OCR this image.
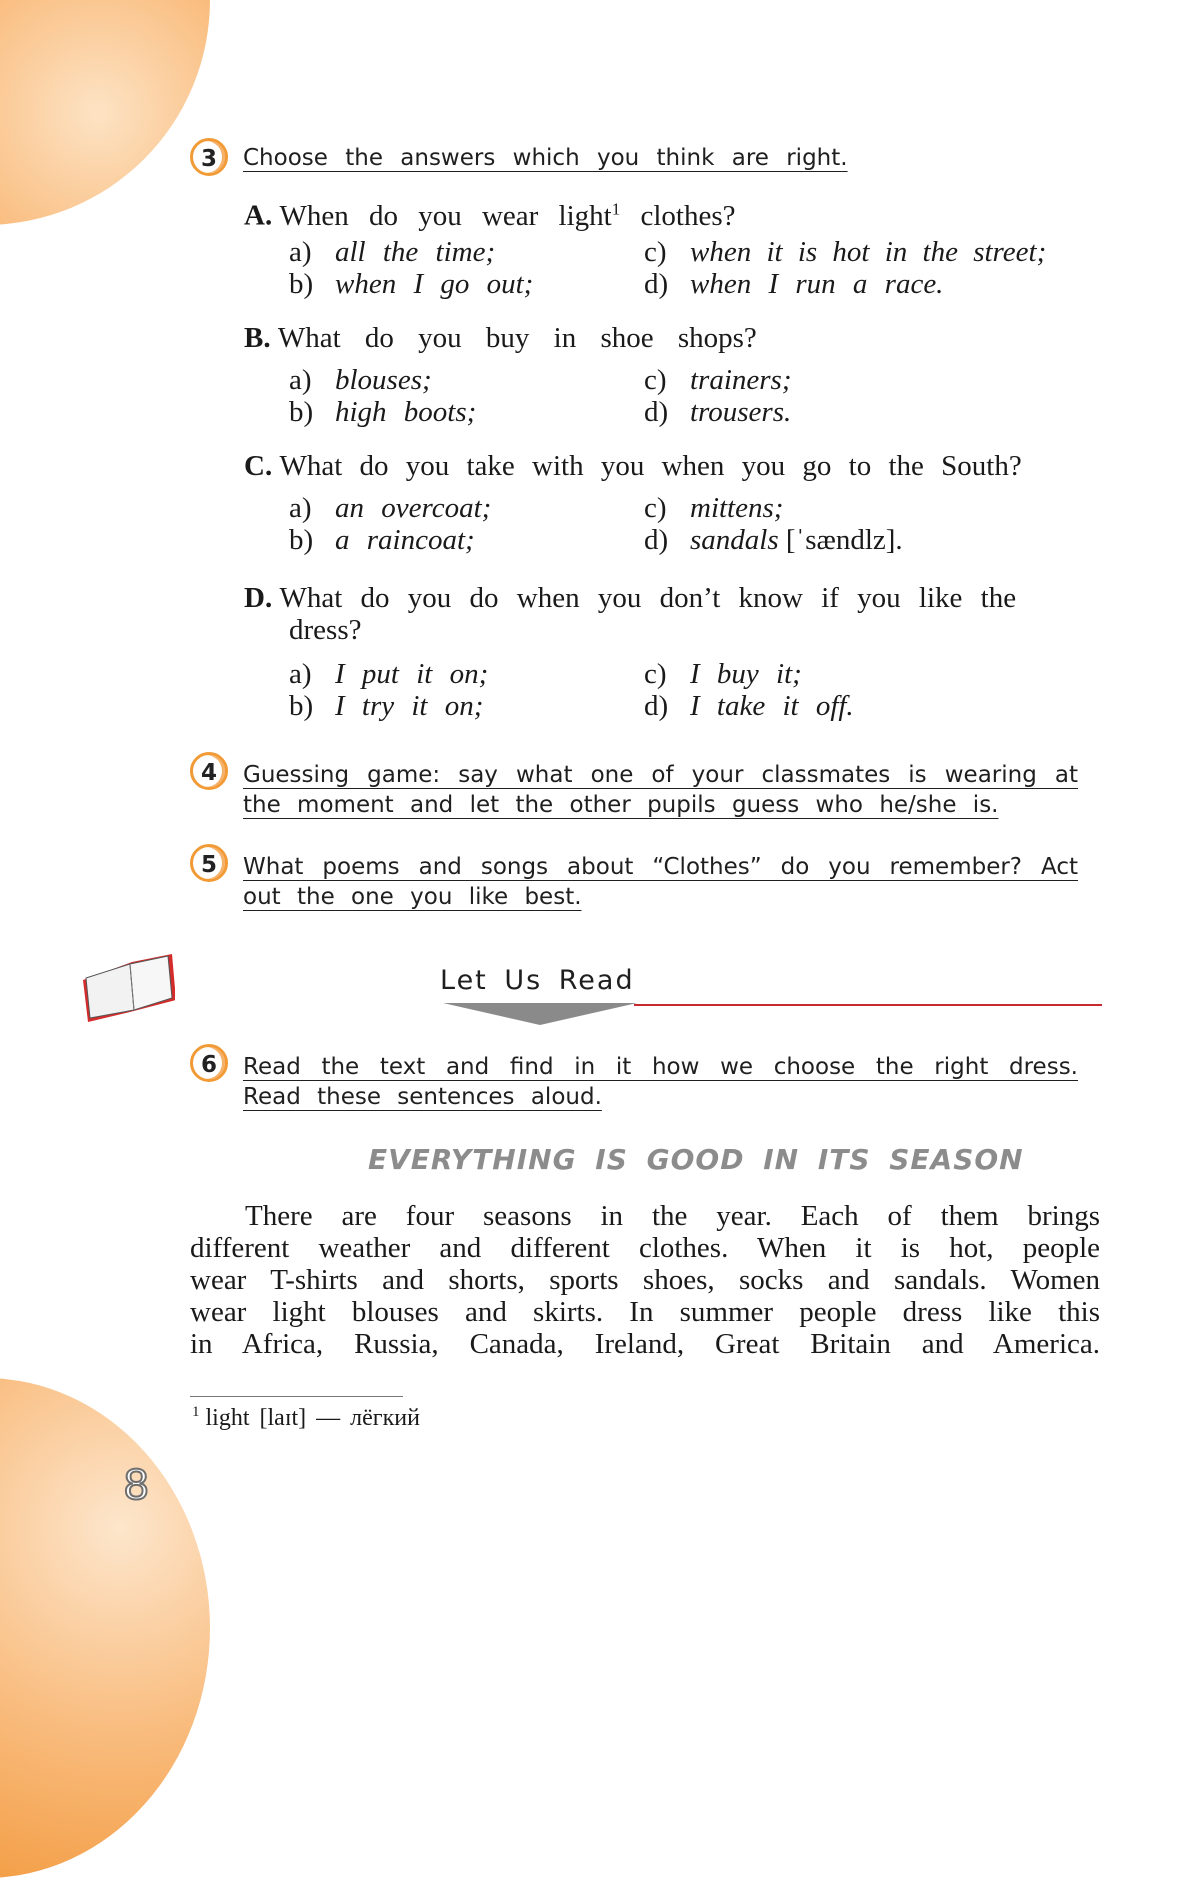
8
3	Choose the answers which you think are right.
A. When do you wear light$^1$ clothes?
a) all the time;
b) when I go out;
c) when it is hot in the street;
d) when I run a race.
B. What do you buy in shoe shops?
a) blouses;
b) high boots;
c) trainers;
d) trousers.
C. What do you take with you when you go to the South?
a) an overcoat;
b) a raincoat;
c) mittens;
d) sandals [ˈsændlz].
D. What do you do when you don’t know if you like the
dress?
a) I put it on;
b) I try it on;
c) I buy it;
d) I take it off.
4	Guessing game: say what one of your classmates is wearing at
the moment and let the other pupils guess who he/she is.
5	What poems and songs about “Clothes” do you remember? Act
out the one you like best.
Let Us Read
6	Read the text and find in it how we choose the right dress.
Read these sentences aloud.
EVERYTHING IS GOOD IN ITS SEASON
There are four seasons in the year. Each of them brings
different weather and different clothes. When it is hot, people
wear T-shirts and shorts, sports shoes, socks and sandals. Women
wear light blouses and skirts. In summer people dress like this
in Africa, Russia, Canada, Ireland, Great Britain and America.
$^1$ light [laɪt] — лёгкий
